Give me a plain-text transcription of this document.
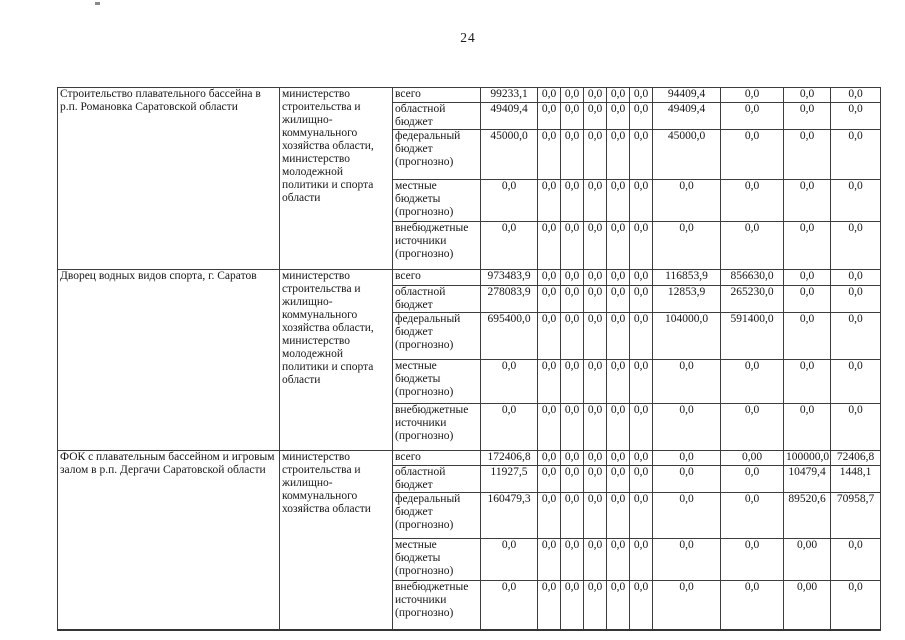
24
Строительство плавательного бассейна в р.п. Романовка Саратовской области	министерство строительства и жилищно-коммунального хозяйства области, министерство молодежной политики и спорта области	всего	99233,1	0,0	0,0	0,0	0,0	0,0	94409,4	0,0	0,0	0,0
		областной бюджет	49409,4	0,0	0,0	0,0	0,0	0,0	49409,4	0,0	0,0	0,0
		федеральный бюджет (прогнозно)	45000,0	0,0	0,0	0,0	0,0	0,0	45000,0	0,0	0,0	0,0
		местные бюджеты (прогнозно)	0,0	0,0	0,0	0,0	0,0	0,0	0,0	0,0	0,0	0,0
		внебюджетные источники (прогнозно)	0,0	0,0	0,0	0,0	0,0	0,0	0,0	0,0	0,0	0,0
Дворец водных видов спорта, г. Саратов	министерство строительства и жилищно-коммунального хозяйства области, министерство молодежной политики и спорта области	всего	973483,9	0,0	0,0	0,0	0,0	0,0	116853,9	856630,0	0,0	0,0
		областной бюджет	278083,9	0,0	0,0	0,0	0,0	0,0	12853,9	265230,0	0,0	0,0
		федеральный бюджет (прогнозно)	695400,0	0,0	0,0	0,0	0,0	0,0	104000,0	591400,0	0,0	0,0
		местные бюджеты (прогнозно)	0,0	0,0	0,0	0,0	0,0	0,0	0,0	0,0	0,0	0,0
		внебюджетные источники (прогнозно)	0,0	0,0	0,0	0,0	0,0	0,0	0,0	0,0	0,0	0,0
ФОК с плавательным бассейном и игровым залом в р.п. Дергачи Саратовской области	министерство строительства и жилищно-коммунального хозяйства области	всего	172406,8	0,0	0,0	0,0	0,0	0,0	0,0	0,00	100000,0	72406,8
		областной бюджет	11927,5	0,0	0,0	0,0	0,0	0,0	0,0	0,0	10479,4	1448,1
		федеральный бюджет (прогнозно)	160479,3	0,0	0,0	0,0	0,0	0,0	0,0	0,0	89520,6	70958,7
		местные бюджеты (прогнозно)	0,0	0,0	0,0	0,0	0,0	0,0	0,0	0,0	0,00	0,0
		внебюджетные источники (прогнозно)	0,0	0,0	0,0	0,0	0,0	0,0	0,0	0,0	0,00	0,0
